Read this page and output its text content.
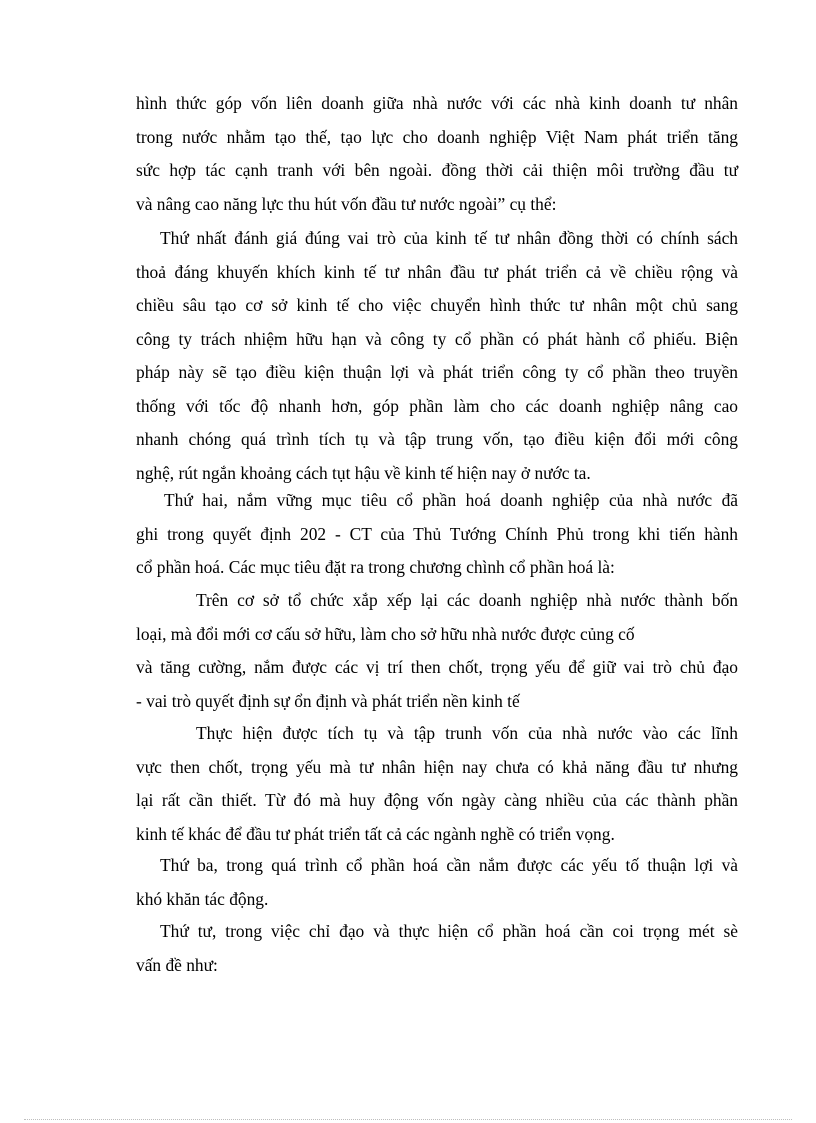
hình thức góp vốn liên doanh giữa nhà nước với các nhà kinh doanh tư nhân
trong nước nhằm tạo thế, tạo lực cho doanh nghiệp Việt Nam phát triển tăng
sức hợp tác cạnh tranh với bên ngoài. đồng thời cải thiện môi trường đầu tư
và nâng cao năng lực thu hút vốn đầu tư nước ngoài” cụ thể:
Thứ nhất đánh giá đúng vai trò của kinh tế tư nhân đồng thời có chính sách
thoả đáng khuyến khích kinh tế tư nhân đầu tư phát triển cả về chiều rộng và
chiều sâu tạo cơ sở kinh tế cho việc chuyển hình thức tư nhân một chủ sang
công ty trách nhiệm hữu hạn và công ty cổ phần có phát hành cổ phiếu. Biện
pháp này sẽ tạo điều kiện thuận lợi và phát triển công ty cổ phần theo truyền
thống với tốc độ nhanh hơn, góp phần làm cho các doanh nghiệp nâng cao
nhanh chóng quá trình tích tụ và tập trung vốn, tạo điều kiện đổi mới công
nghệ, rút ngắn khoảng cách tụt hậu về kinh tế hiện nay ở nước ta.
Thứ hai, nắm vững mục tiêu cổ phần hoá doanh nghiệp của nhà nước đã
ghi trong quyết định 202 - CT của Thủ Tướng Chính Phủ trong khi tiến hành
cổ phần hoá. Các mục tiêu đặt ra trong chương chình cổ phần hoá là:
Trên cơ sở tổ chức xắp xếp lại các doanh nghiệp nhà nước thành bốn
loại, mà đổi mới cơ cấu sở hữu, làm cho sở hữu nhà nước được củng cố
và tăng cường, nắm được các vị trí then chốt, trọng yếu để giữ vai trò chủ đạo
- vai trò quyết định sự ổn định và phát triển nền kinh tế
Thực hiện được tích tụ và tập trunh vốn của nhà nước vào các lĩnh
vực then chốt, trọng yếu mà tư nhân hiện nay chưa có khả năng đầu tư nhưng
lại rất cần thiết. Từ đó mà huy động vốn ngày càng nhiều của các thành phần
kinh tế khác để đầu tư phát triển tất cả các ngành nghề có triển vọng.
Thứ ba, trong quá trình cổ phần hoá cần nắm được các yếu tố thuận lợi và
khó khăn tác động.
Thứ tư, trong việc chỉ đạo và thực hiện cổ phần hoá cần coi trọng mét sè
vấn đề như:
